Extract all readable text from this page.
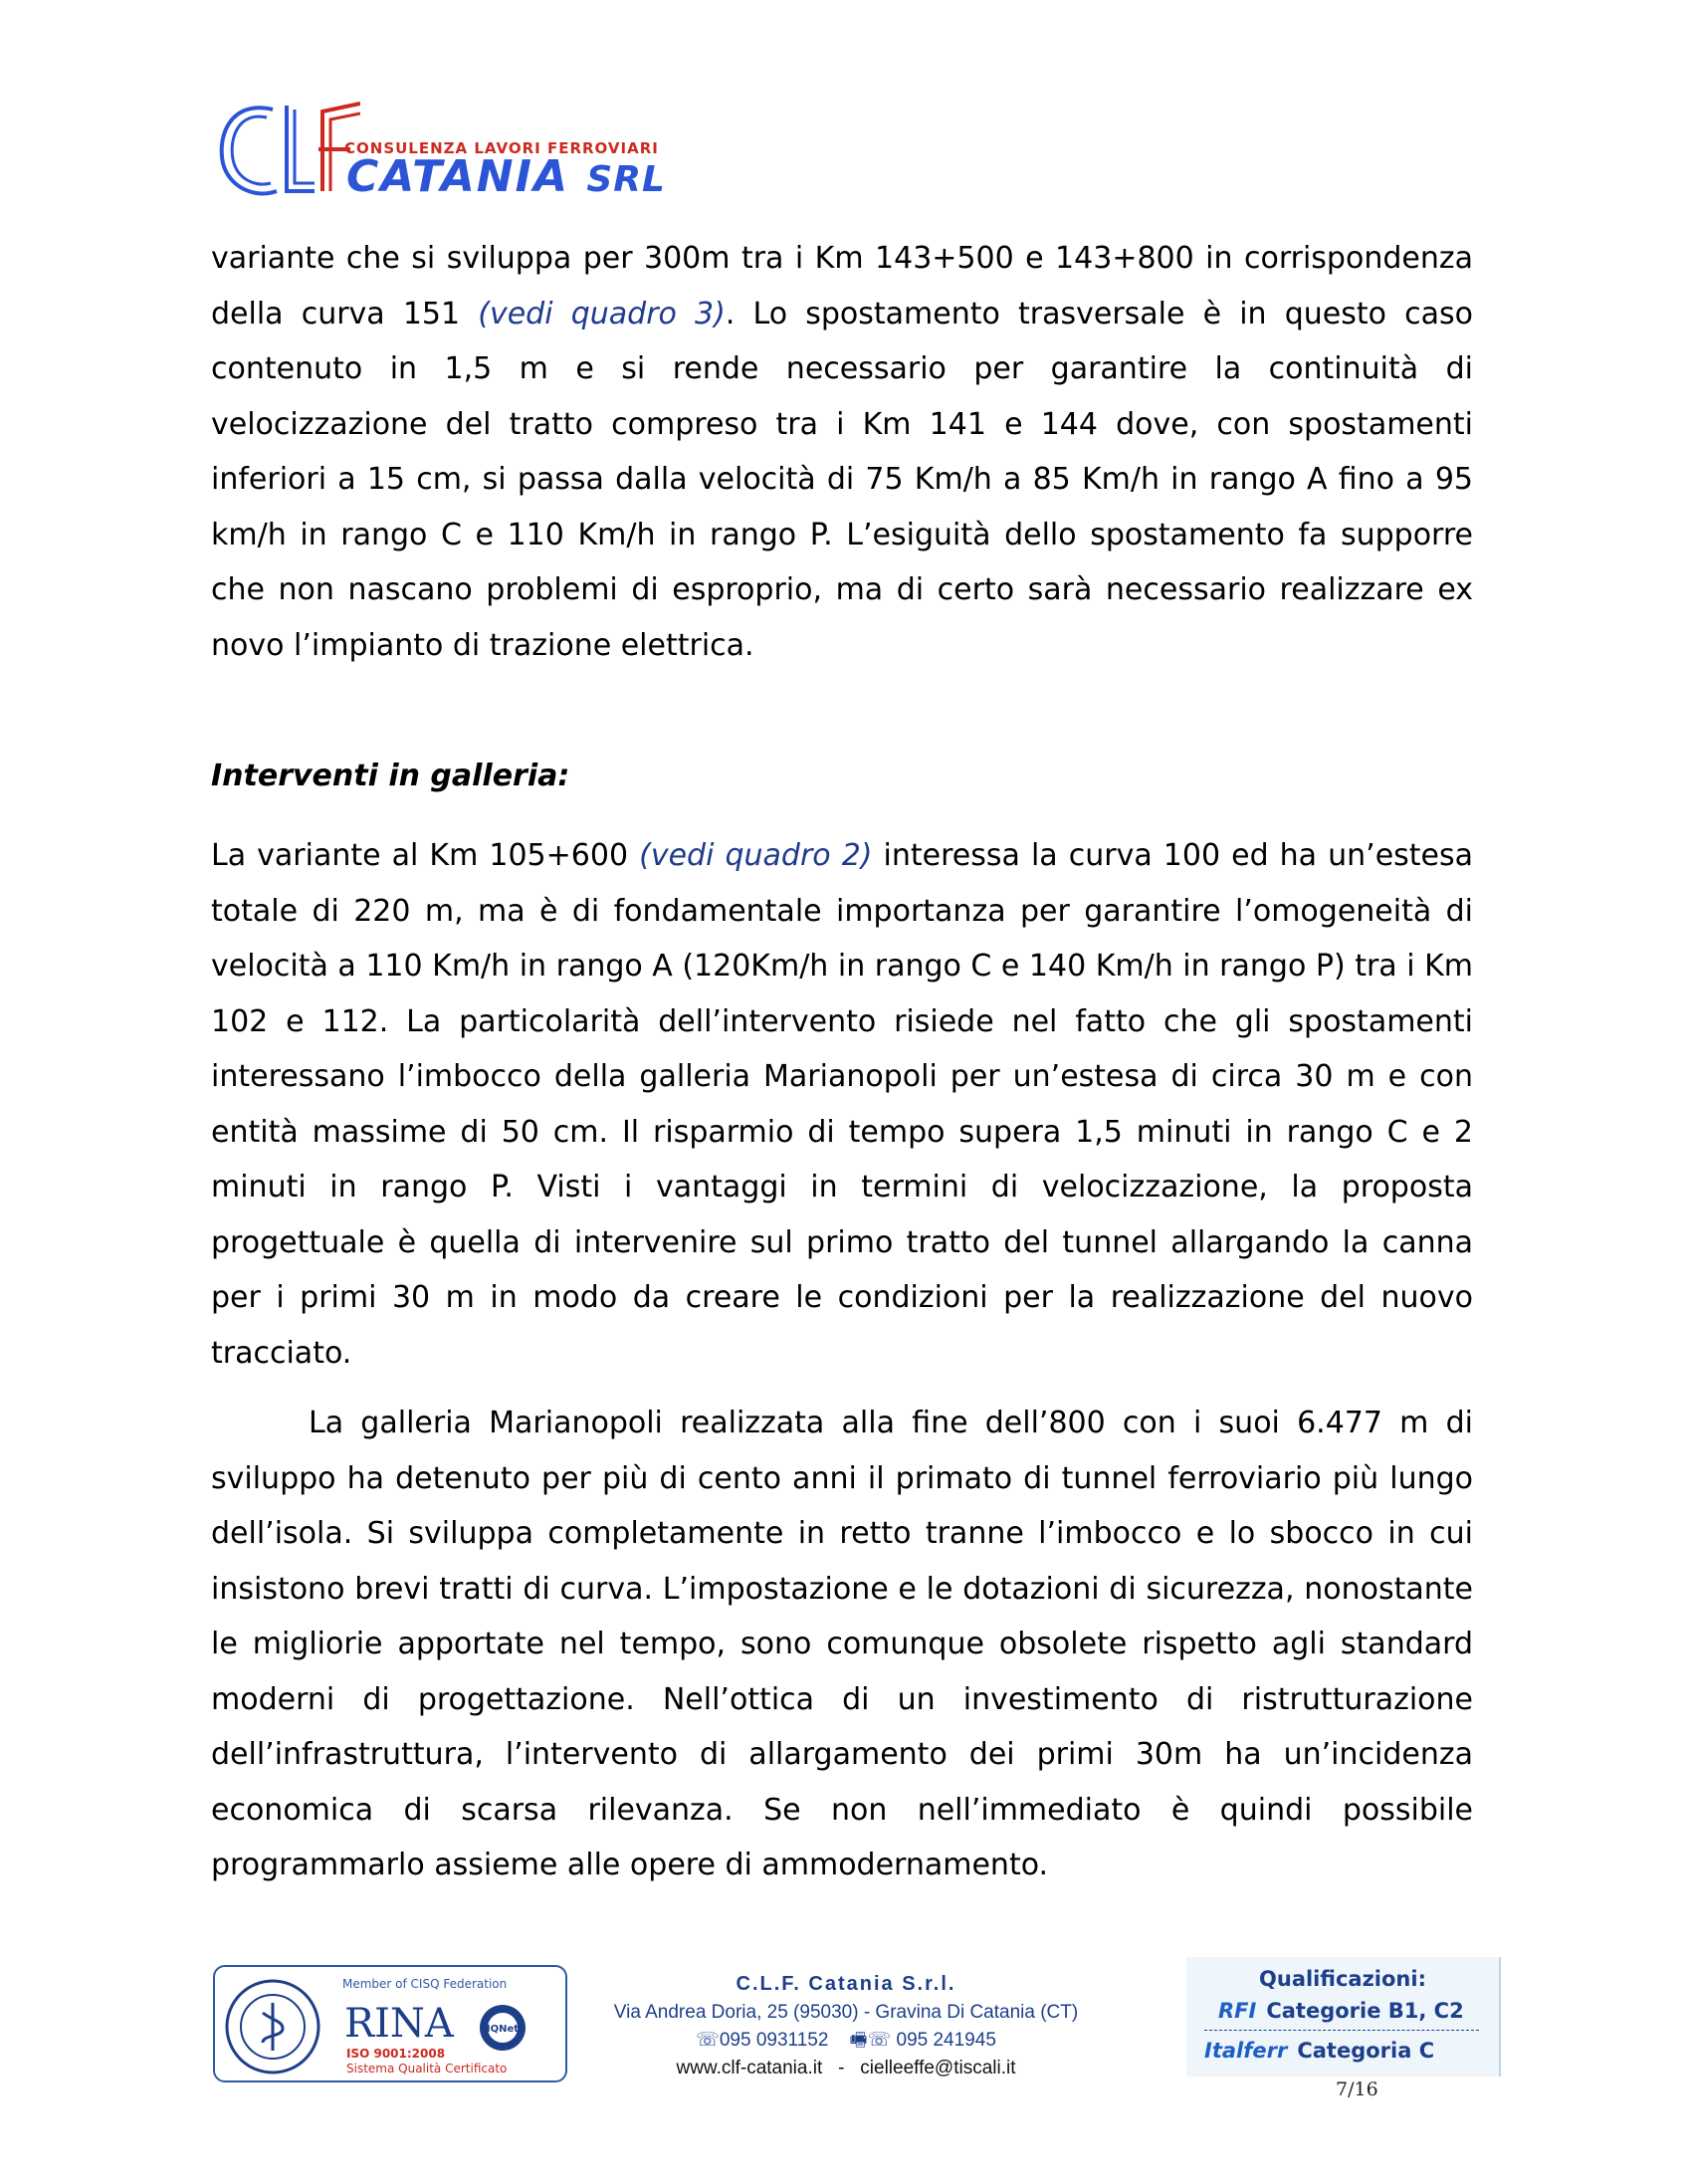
CONSULENZA LAVORI FERROVIARI
CATANIA SRL

variante che si sviluppa per 300m tra i Km 143+500 e 143+800 in corrispondenza della curva 151 (vedi quadro 3). Lo spostamento trasversale è in questo caso contenuto in 1,5 m e si rende necessario per garantire la continuità di velocizzazione del tratto compreso tra i Km 141 e 144 dove, con spostamenti inferiori a 15 cm, si passa dalla velocità di 75 Km/h a 85 Km/h in rango A fino a 95 km/h in rango C e 110 Km/h in rango P. L’esiguità dello spostamento fa supporre che non nascano problemi di esproprio, ma di certo sarà necessario realizzare ex novo l’impianto di trazione elettrica.

Interventi in galleria:

La variante al Km 105+600 (vedi quadro 2) interessa la curva 100 ed ha un’estesa totale di 220 m, ma è di fondamentale importanza per garantire l’omogeneità di velocità a 110 Km/h in rango A (120Km/h in rango C e 140 Km/h in rango P) tra i Km 102 e 112. La particolarità dell’intervento risiede nel fatto che gli spostamenti interessano l’imbocco della galleria Marianopoli per un’estesa di circa 30 m e con entità massime di 50 cm. Il risparmio di tempo supera 1,5 minuti in rango C e 2 minuti in rango P. Visti i vantaggi in termini di velocizzazione, la proposta progettuale è quella di intervenire sul primo tratto del tunnel allargando la canna per i primi 30 m in modo da creare le condizioni per la realizzazione del nuovo tracciato.

La galleria Marianopoli realizzata alla fine dell’800 con i suoi 6.477 m di sviluppo ha detenuto per più di cento anni il primato di tunnel ferroviario più lungo dell’isola. Si sviluppa completamente in retto tranne l’imbocco e lo sbocco in cui insistono brevi tratti di curva. L’impostazione e le dotazioni di sicurezza, nonostante le migliorie apportate nel tempo, sono comunque obsolete rispetto agli standard moderni di progettazione. Nell’ottica di un investimento di ristrutturazione dell’infrastruttura, l’intervento di allargamento dei primi 30m ha un’incidenza economica di scarsa rilevanza. Se non nell’immediato è quindi possibile programmarlo assieme alle opere di ammodernamento.

Member of CISQ Federation
RINA	IQNet
ISO 9001:2008
Sistema Qualità Certificato
C.L.F. Catania S.r.l.
Via Andrea Doria, 25 (95030) - Gravina Di Catania (CT)
☏095 0931152 🖷☏ 095 241945
www.clf-catania.it - cielleeffe@tiscali.it
Qualificazioni:
RFI Categorie B1, C2
Italferr Categoria C
7/16
